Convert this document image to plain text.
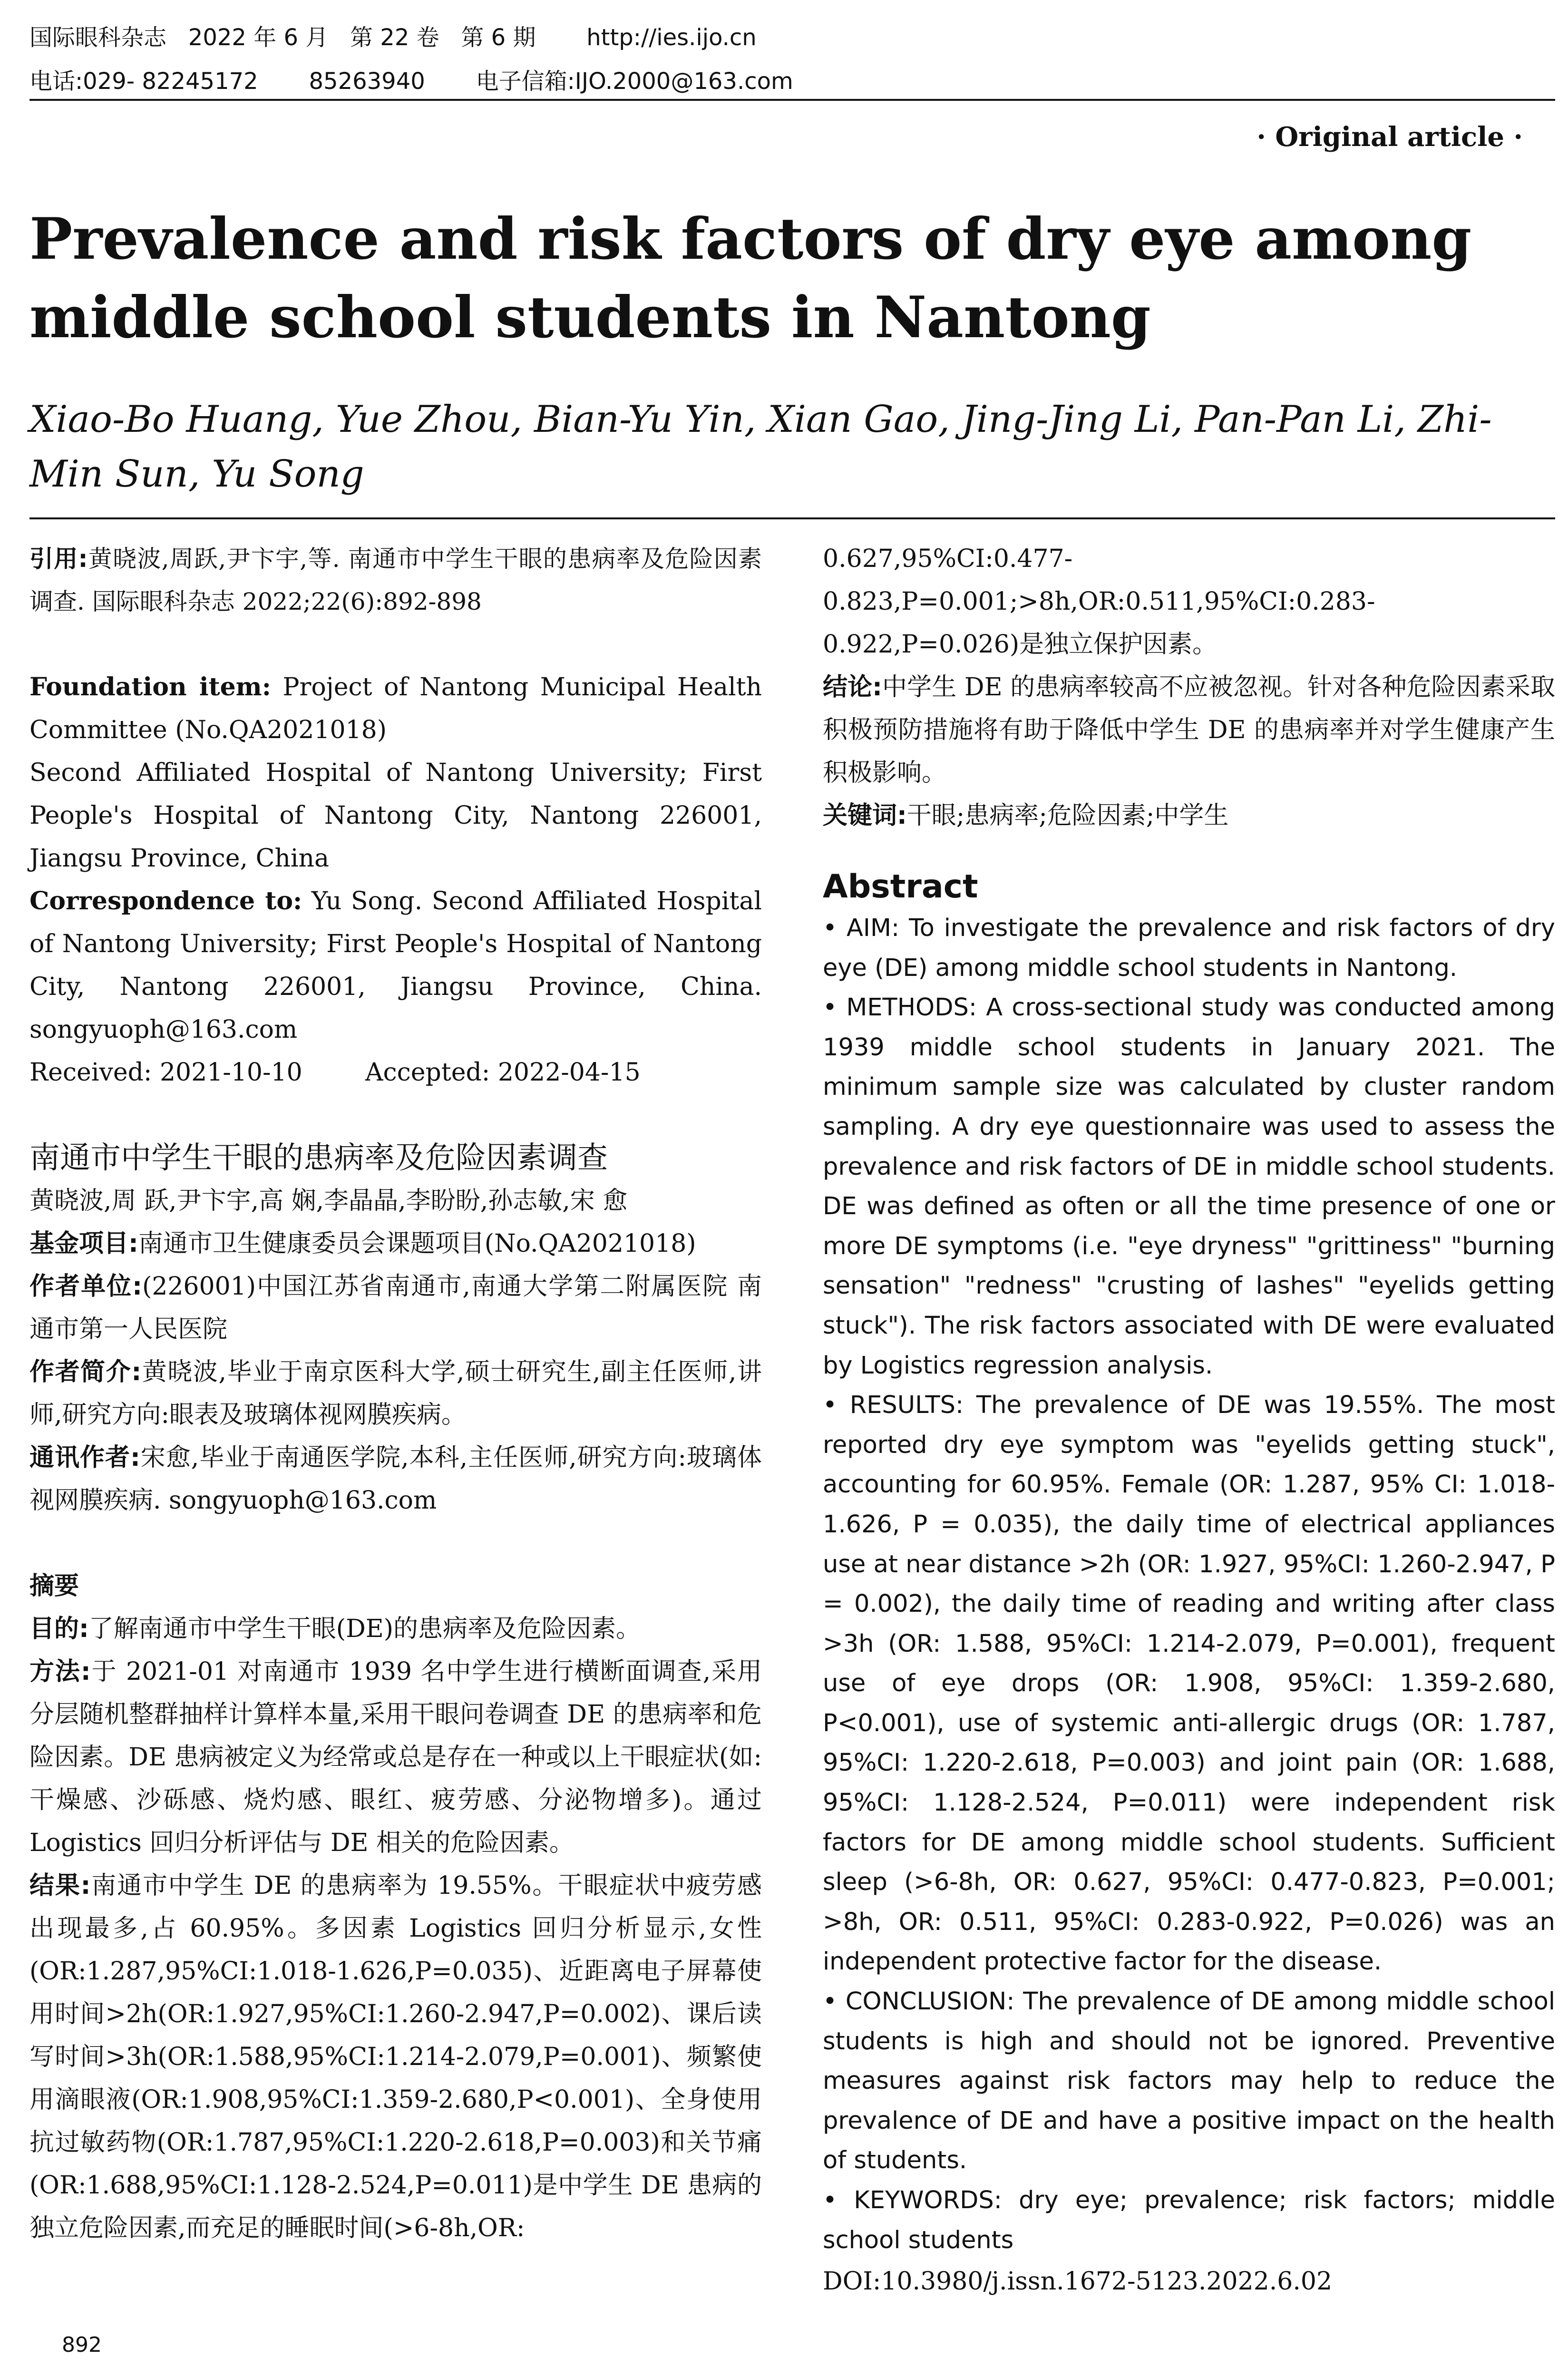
国际眼科杂志   2022 年 6 月   第 22 卷   第 6 期       http://ies.ijo.cn
电话:029- 82245172       85263940       电子信箱:IJO.2000@163.com
· Original article ·
Prevalence and risk factors of dry eye among middle school students in Nantong
Xiao-Bo Huang, Yue Zhou, Bian-Yu Yin, Xian Gao, Jing-Jing Li, Pan-Pan Li, Zhi-Min Sun, Yu Song

引用:黄晓波,周跃,尹卞宇,等. 南通市中学生干眼的患病率及危险因素调查. 国际眼科杂志 2022;22(6):892-898

Foundation item: Project of Nantong Municipal Health Committee (No.QA2021018)

Second Affiliated Hospital of Nantong University; First People's Hospital of Nantong City, Nantong 226001, Jiangsu Province, China

Correspondence to: Yu Song. Second Affiliated Hospital of Nantong University; First People's Hospital of Nantong City, Nantong 226001, Jiangsu Province, China. songyuoph@163.com

Received: 2021-10-10        Accepted: 2022-04-15

南通市中学生干眼的患病率及危险因素调查

黄晓波,周 跃,尹卞宇,高 娴,李晶晶,李盼盼,孙志敏,宋 愈

基金项目:南通市卫生健康委员会课题项目(No.QA2021018)

作者单位:(226001)中国江苏省南通市,南通大学第二附属医院 南通市第一人民医院

作者简介:黄晓波,毕业于南京医科大学,硕士研究生,副主任医师,讲师,研究方向:眼表及玻璃体视网膜疾病。

通讯作者:宋愈,毕业于南通医学院,本科,主任医师,研究方向:玻璃体视网膜疾病. songyuoph@163.com

摘要

目的:了解南通市中学生干眼(DE)的患病率及危险因素。

方法:于 2021-01 对南通市 1939 名中学生进行横断面调查,采用分层随机整群抽样计算样本量,采用干眼问卷调查 DE 的患病率和危险因素。DE 患病被定义为经常或总是存在一种或以上干眼症状(如:干燥感、沙砾感、烧灼感、眼红、疲劳感、分泌物增多)。通过 Logistics 回归分析评估与 DE 相关的危险因素。

结果:南通市中学生 DE 的患病率为 19.55%。干眼症状中疲劳感出现最多,占 60.95%。多因素 Logistics 回归分析显示,女性(OR:1.287,95%CI:1.018-1.626,P=0.035)、近距离电子屏幕使用时间>2h(OR:1.927,95%CI:1.260-2.947,P=0.002)、课后读写时间>3h(OR:1.588,95%CI:1.214-2.079,P=0.001)、频繁使用滴眼液(OR:1.908,95%CI:1.359-2.680,P<0.001)、全身使用抗过敏药物(OR:1.787,95%CI:1.220-2.618,P=0.003)和关节痛(OR:1.688,95%CI:1.128-2.524,P=0.011)是中学生 DE 患病的独立危险因素,而充足的睡眠时间(>6-8h,OR:

0.627,95%CI:0.477-0.823,P=0.001;>8h,OR:0.511,95%CI:0.283-0.922,P=0.026)是独立保护因素。

结论:中学生 DE 的患病率较高不应被忽视。针对各种危险因素采取积极预防措施将有助于降低中学生 DE 的患病率并对学生健康产生积极影响。

关键词:干眼;患病率;危险因素;中学生

Abstract

• AIM: To investigate the prevalence and risk factors of dry eye (DE) among middle school students in Nantong.

• METHODS: A cross-sectional study was conducted among 1939 middle school students in January 2021. The minimum sample size was calculated by cluster random sampling. A dry eye questionnaire was used to assess the prevalence and risk factors of DE in middle school students. DE was defined as often or all the time presence of one or more DE symptoms (i.e. "eye dryness" "grittiness" "burning sensation" "redness" "crusting of lashes" "eyelids getting stuck"). The risk factors associated with DE were evaluated by Logistics regression analysis.

• RESULTS: The prevalence of DE was 19.55%. The most reported dry eye symptom was "eyelids getting stuck", accounting for 60.95%. Female (OR: 1.287, 95% CI: 1.018-1.626, P = 0.035), the daily time of electrical appliances use at near distance >2h (OR: 1.927, 95%CI: 1.260-2.947, P = 0.002), the daily time of reading and writing after class >3h (OR: 1.588, 95%CI: 1.214-2.079, P=0.001), frequent use of eye drops (OR: 1.908, 95%CI: 1.359-2.680, P<0.001), use of systemic anti-allergic drugs (OR: 1.787, 95%CI: 1.220-2.618, P=0.003) and joint pain (OR: 1.688, 95%CI: 1.128-2.524, P=0.011) were independent risk factors for DE among middle school students. Sufficient sleep (>6-8h, OR: 0.627, 95%CI: 0.477-0.823, P=0.001; >8h, OR: 0.511, 95%CI: 0.283-0.922, P=0.026) was an independent protective factor for the disease.

• CONCLUSION: The prevalence of DE among middle school students is high and should not be ignored. Preventive measures against risk factors may help to reduce the prevalence of DE and have a positive impact on the health of students.

• KEYWORDS: dry eye; prevalence; risk factors; middle school students

DOI:10.3980/j.issn.1672-5123.2022.6.02

892
